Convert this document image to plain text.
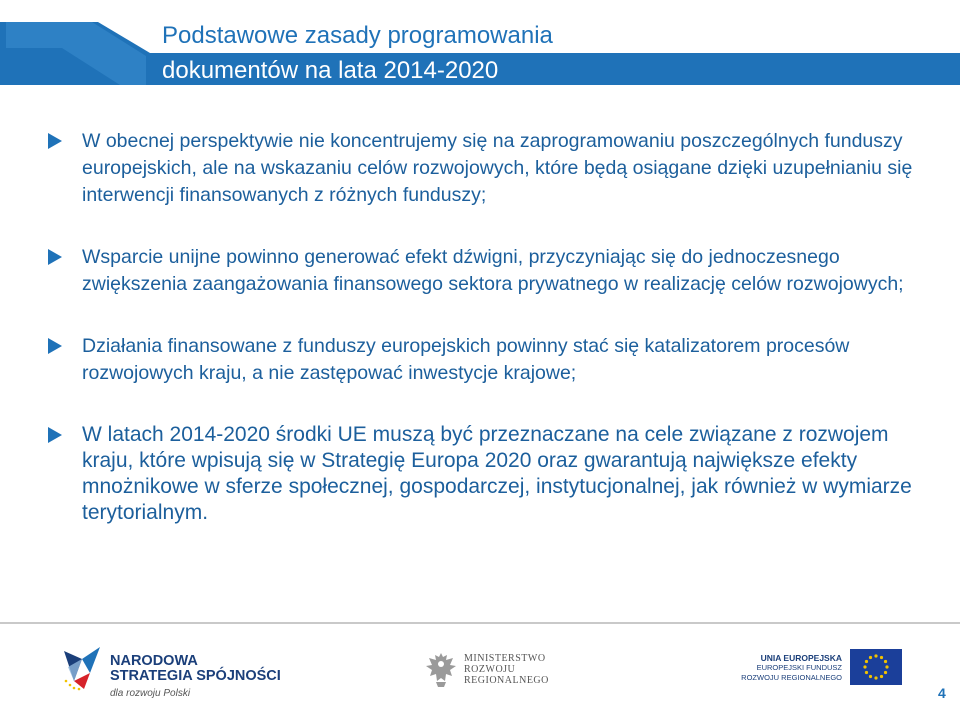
Podstawowe zasady programowania
dokumentów na lata 2014-2020
W obecnej perspektywie nie koncentrujemy się na zaprogramowaniu poszczególnych funduszy europejskich, ale na wskazaniu celów rozwojowych, które będą osiągane dzięki uzupełnianiu się interwencji finansowanych z różnych funduszy;
Wsparcie unijne powinno generować efekt dźwigni, przyczyniając się do jednoczesnego zwiększenia zaangażowania finansowego sektora prywatnego w realizację celów rozwojowych;
Działania finansowane z funduszy europejskich powinny stać się katalizatorem procesów rozwojowych kraju, a nie zastępować inwestycje krajowe;
W latach 2014-2020 środki UE muszą być przeznaczane na cele związane z rozwojem kraju, które wpisują się w Strategię Europa 2020 oraz gwarantują największe efekty mnożnikowe w sferze społecznej, gospodarczej, instytucjonalnej, jak również w wymiarze terytorialnym.
NARODOWA
STRATEGIA SPÓJNOŚCI
dla rozwoju Polski
MINISTERSTWO
ROZWOJU
REGIONALNEGO
UNIA EUROPEJSKA
EUROPEJSKI FUNDUSZ
ROZWOJU REGIONALNEGO
4
